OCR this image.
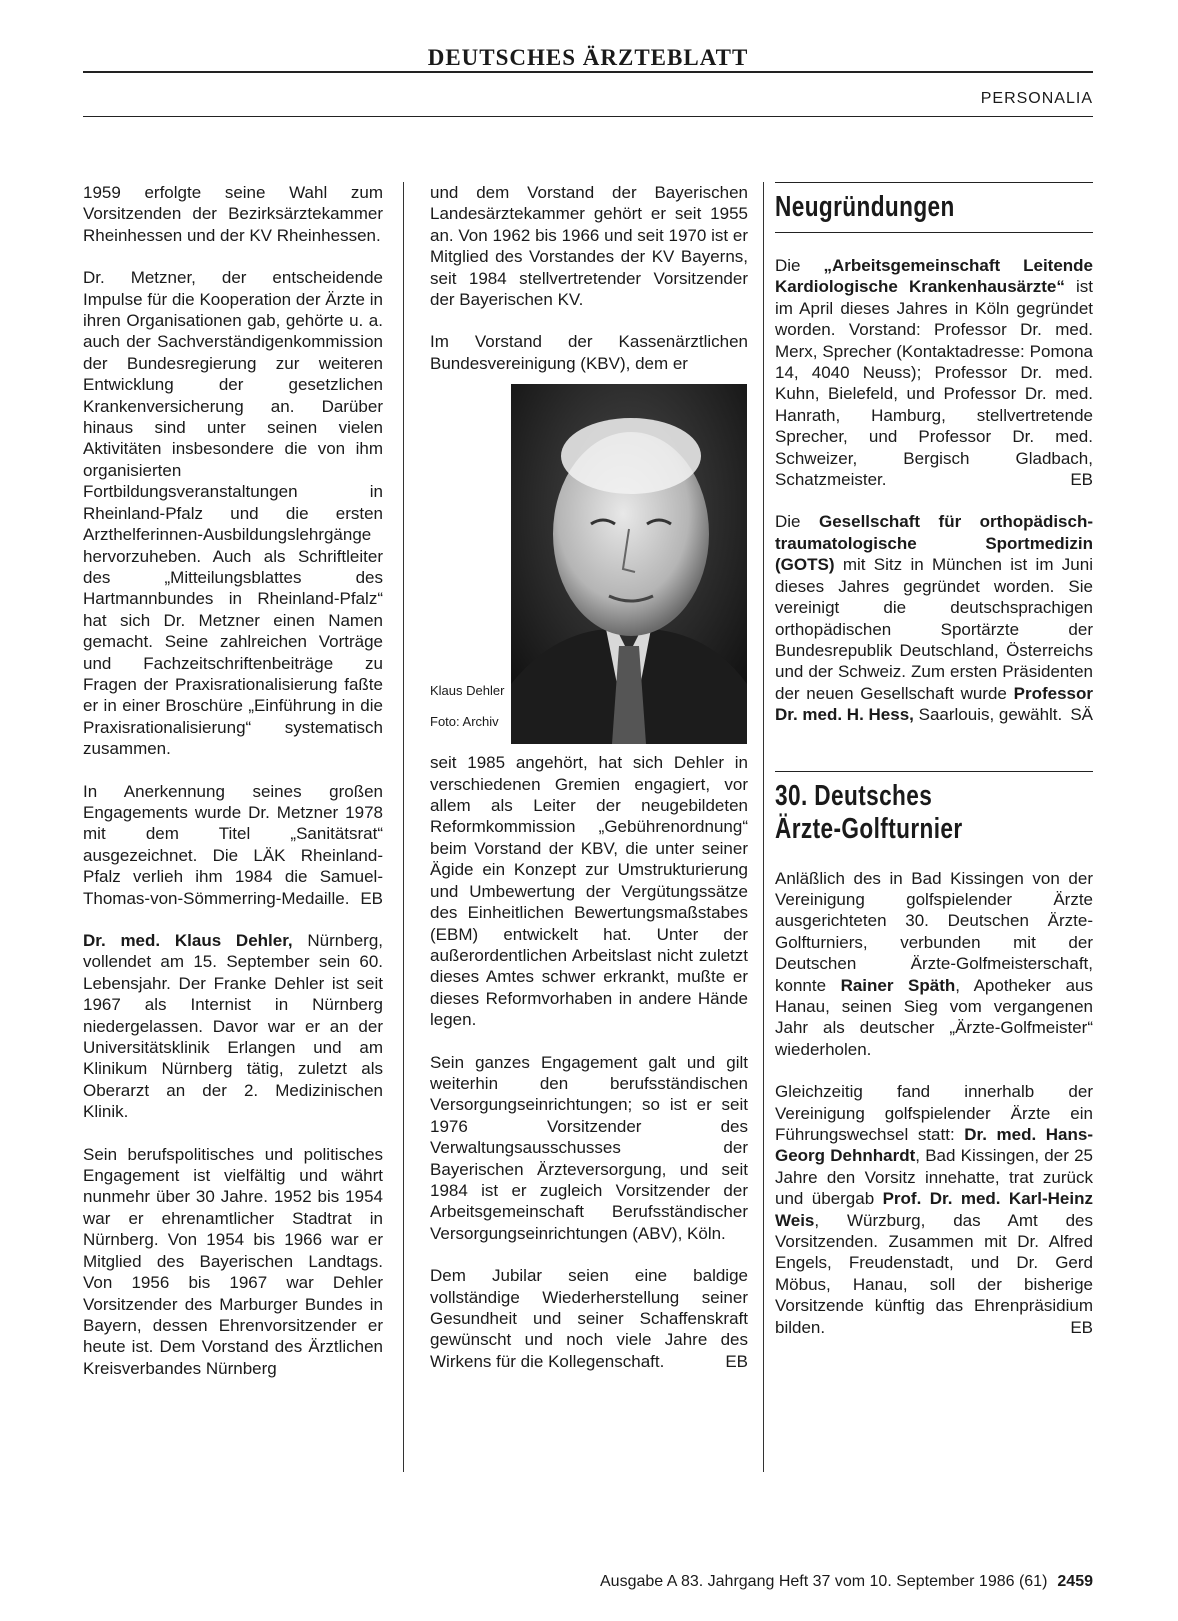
DEUTSCHES ÄRZTEBLATT
PERSONALIA

1959 erfolgte seine Wahl zum Vorsitzenden der Bezirksärztekammer Rheinhessen und der KV Rheinhessen.

Dr. Metzner, der entscheidende Impulse für die Kooperation der Ärzte in ihren Organisationen gab, gehörte u. a. auch der Sachverständigenkommission der Bundesregierung zur weiteren Entwicklung der gesetzlichen Krankenversicherung an. Darüber hinaus sind unter seinen vielen Aktivitäten insbesondere die von ihm organisierten Fortbildungsveranstaltungen in Rheinland-Pfalz und die ersten Arzthelferinnen-Ausbildungslehrgänge hervorzuheben. Auch als Schriftleiter des „Mitteilungsblattes des Hartmannbundes in Rheinland-Pfalz“ hat sich Dr. Metzner einen Namen gemacht. Seine zahlreichen Vorträge und Fachzeitschriftenbeiträge zu Fragen der Praxisrationalisierung faßte er in einer Broschüre „Einführung in die Praxisrationalisierung“ systematisch zusammen.

In Anerkennung seines großen Engagements wurde Dr. Metzner 1978 mit dem Titel „Sanitätsrat“ ausgezeichnet. Die LÄK Rheinland-Pfalz verlieh ihm 1984 die Samuel-Thomas-von-Sömmerring-Medaille. EB

Dr. med. Klaus Dehler, Nürnberg, vollendet am 15. September sein 60. Lebensjahr. Der Franke Dehler ist seit 1967 als Internist in Nürnberg niedergelassen. Davor war er an der Universitätsklinik Erlangen und am Klinikum Nürnberg tätig, zuletzt als Oberarzt an der 2. Medizinischen Klinik.

Sein berufspolitisches und politisches Engagement ist vielfältig und währt nunmehr über 30 Jahre. 1952 bis 1954 war er ehrenamtlicher Stadtrat in Nürnberg. Von 1954 bis 1966 war er Mitglied des Bayerischen Landtags. Von 1956 bis 1967 war Dehler Vorsitzender des Marburger Bundes in Bayern, dessen Ehrenvorsitzender er heute ist. Dem Vorstand des Ärztlichen Kreisverbandes Nürnberg

und dem Vorstand der Bayerischen Landesärztekammer gehört er seit 1955 an. Von 1962 bis 1966 und seit 1970 ist er Mitglied des Vorstandes der KV Bayerns, seit 1984 stellvertretender Vorsitzender der Bayerischen KV.

Im Vorstand der Kassenärztlichen Bundesvereinigung (KBV), dem er

Klaus Dehler
Foto: Archiv

seit 1985 angehört, hat sich Dehler in verschiedenen Gremien engagiert, vor allem als Leiter der neugebildeten Reformkommission „Gebührenordnung“ beim Vorstand der KBV, die unter seiner Ägide ein Konzept zur Umstrukturierung und Umbewertung der Vergütungssätze des Einheitlichen Bewertungsmaßstabes (EBM) entwickelt hat. Unter der außerordentlichen Arbeitslast nicht zuletzt dieses Amtes schwer erkrankt, mußte er dieses Reformvorhaben in andere Hände legen.

Sein ganzes Engagement galt und gilt weiterhin den berufsständischen Versorgungseinrichtungen; so ist er seit 1976 Vorsitzender des Verwaltungsausschusses der Bayerischen Ärzteversorgung, und seit 1984 ist er zugleich Vorsitzender der Arbeitsgemeinschaft Berufsständischer Versorgungseinrichtungen (ABV), Köln.

Dem Jubilar seien eine baldige vollständige Wiederherstellung seiner Gesundheit und seiner Schaffenskraft gewünscht und noch viele Jahre des Wirkens für die Kollegenschaft.	EB

Neugründungen

Die „Arbeitsgemeinschaft Leitende Kardiologische Krankenhausärzte“ ist im April dieses Jahres in Köln gegründet worden. Vorstand: Professor Dr. med. Merx, Sprecher (Kontaktadresse: Pomona 14, 4040 Neuss); Professor Dr. med. Kuhn, Bielefeld, und Professor Dr. med. Hanrath, Hamburg, stellvertretende Sprecher, und Professor Dr. med. Schweizer, Bergisch Gladbach, Schatzmeister.	EB

Die Gesellschaft für orthopädisch-traumatologische Sportmedizin (GOTS) mit Sitz in München ist im Juni dieses Jahres gegründet worden. Sie vereinigt die deutschsprachigen orthopädischen Sportärzte der Bundesrepublik Deutschland, Österreichs und der Schweiz. Zum ersten Präsidenten der neuen Gesellschaft wurde Professor Dr. med. H. Hess, Saarlouis, gewählt. SÄ

30. Deutsches
Ärzte-Golfturnier

Anläßlich des in Bad Kissingen von der Vereinigung golfspielender Ärzte ausgerichteten 30. Deutschen Ärzte-Golfturniers, verbunden mit der Deutschen Ärzte-Golfmeisterschaft, konnte Rainer Späth, Apotheker aus Hanau, seinen Sieg vom vergangenen Jahr als deutscher „Ärzte-Golfmeister“ wiederholen.

Gleichzeitig fand innerhalb der Vereinigung golfspielender Ärzte ein Führungswechsel statt: Dr. med. Hans-Georg Dehnhardt, Bad Kissingen, der 25 Jahre den Vorsitz innehatte, trat zurück und übergab Prof. Dr. med. Karl-Heinz Weis, Würzburg, das Amt des Vorsitzenden. Zusammen mit Dr. Alfred Engels, Freudenstadt, und Dr. Gerd Möbus, Hanau, soll der bisherige Vorsitzende künftig das Ehrenpräsidium bilden.	EB

Ausgabe A 83. Jahrgang Heft 37 vom 10. September 1986 (61) 2459
